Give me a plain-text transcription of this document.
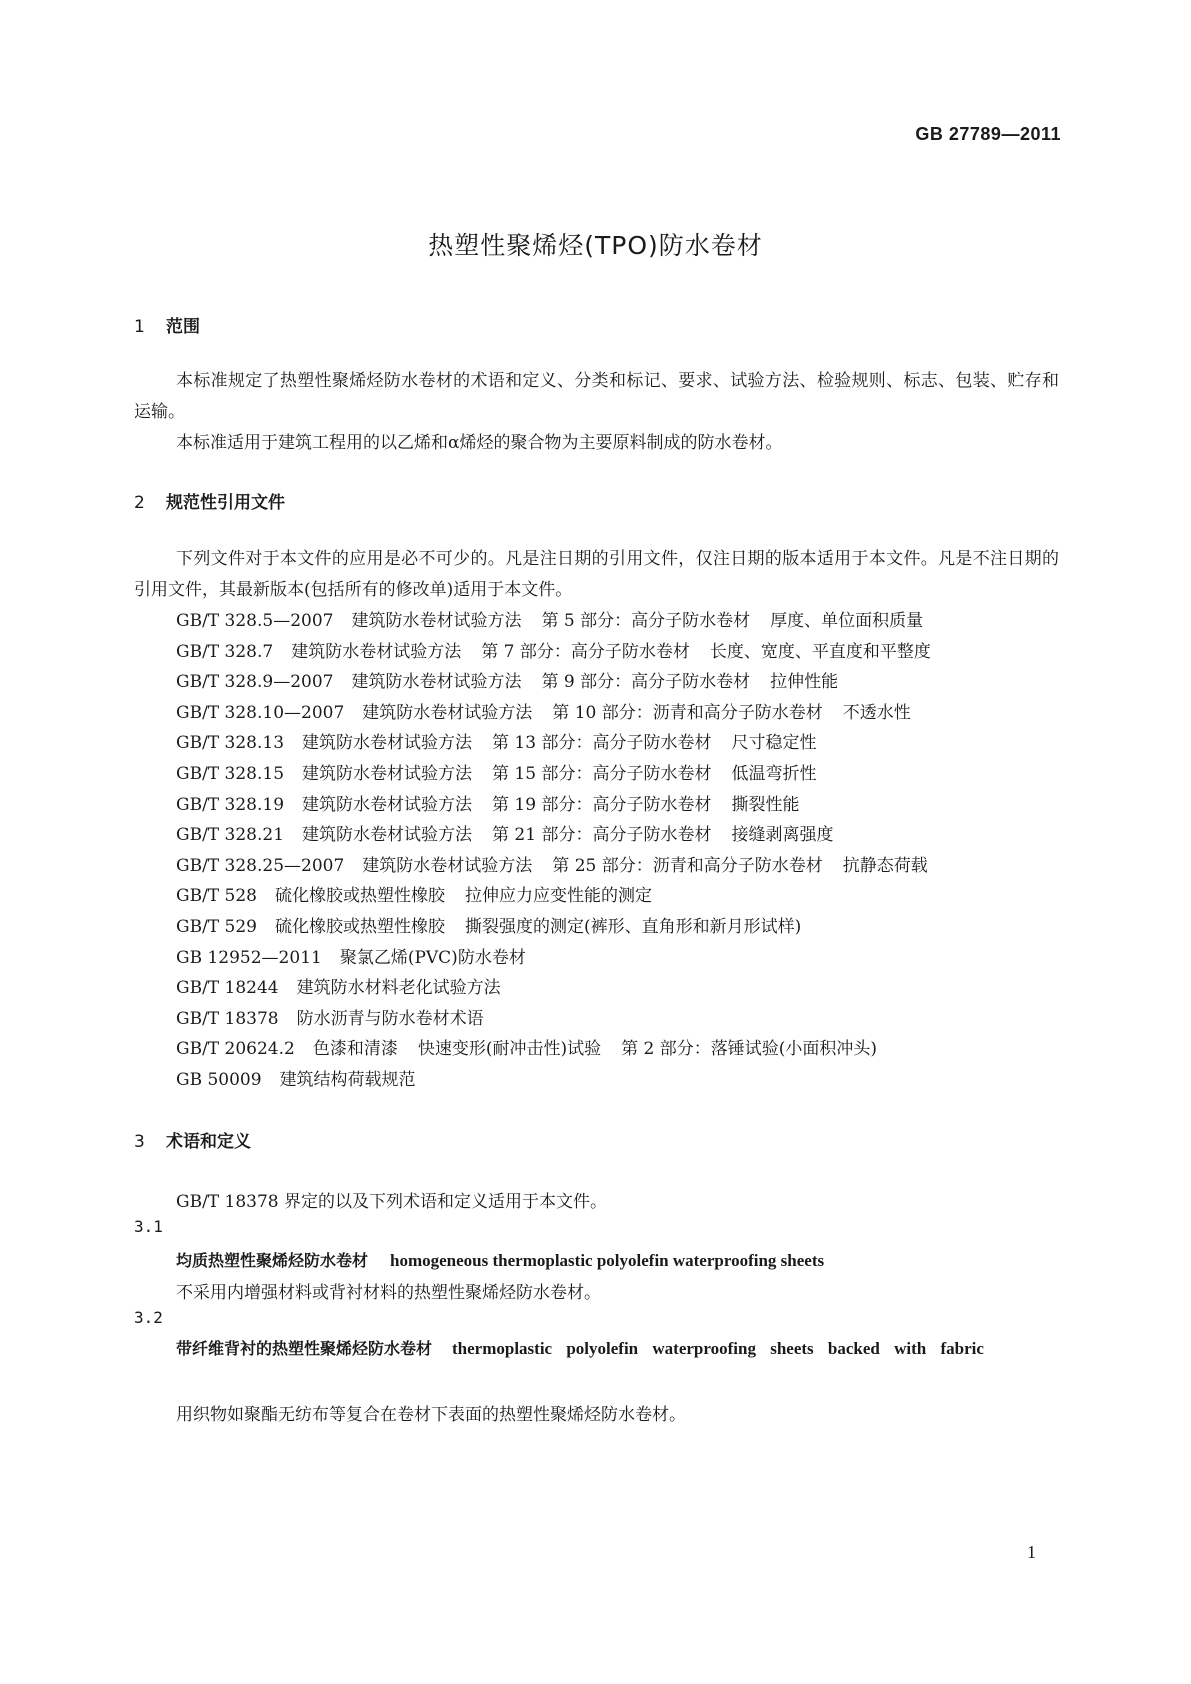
GB 27789—2011
热塑性聚烯烃(TPO)防水卷材
1 范围
本标准规定了热塑性聚烯烃防水卷材的术语和定义、分类和标记、要求、试验方法、检验规则、标志、包装、贮存和运输。
本标准适用于建筑工程用的以乙烯和α烯烃的聚合物为主要原料制成的防水卷材。
2 规范性引用文件
下列文件对于本文件的应用是必不可少的。凡是注日期的引用文件，仅注日期的版本适用于本文件。凡是不注日期的引用文件，其最新版本(包括所有的修改单)适用于本文件。
GB/T 328.5—2007 建筑防水卷材试验方法 第 5 部分：高分子防水卷材 厚度、单位面积质量
GB/T 328.7 建筑防水卷材试验方法 第 7 部分：高分子防水卷材 长度、宽度、平直度和平整度
GB/T 328.9—2007 建筑防水卷材试验方法 第 9 部分：高分子防水卷材 拉伸性能
GB/T 328.10—2007 建筑防水卷材试验方法 第 10 部分：沥青和高分子防水卷材 不透水性
GB/T 328.13 建筑防水卷材试验方法 第 13 部分：高分子防水卷材 尺寸稳定性
GB/T 328.15 建筑防水卷材试验方法 第 15 部分：高分子防水卷材 低温弯折性
GB/T 328.19 建筑防水卷材试验方法 第 19 部分：高分子防水卷材 撕裂性能
GB/T 328.21 建筑防水卷材试验方法 第 21 部分：高分子防水卷材 接缝剥离强度
GB/T 328.25—2007 建筑防水卷材试验方法 第 25 部分：沥青和高分子防水卷材 抗静态荷载
GB/T 528 硫化橡胶或热塑性橡胶 拉伸应力应变性能的测定
GB/T 529 硫化橡胶或热塑性橡胶 撕裂强度的测定(裤形、直角形和新月形试样)
GB 12952—2011 聚氯乙烯(PVC)防水卷材
GB/T 18244 建筑防水材料老化试验方法
GB/T 18378 防水沥青与防水卷材术语
GB/T 20624.2 色漆和清漆 快速变形(耐冲击性)试验 第 2 部分：落锤试验(小面积冲头)
GB 50009 建筑结构荷载规范
3 术语和定义
GB/T 18378 界定的以及下列术语和定义适用于本文件。
3.1
均质热塑性聚烯烃防水卷材 homogeneous thermoplastic polyolefin waterproofing sheets
不采用内增强材料或背衬材料的热塑性聚烯烃防水卷材。
3.2
带纤维背衬的热塑性聚烯烃防水卷材 thermoplastic polyolefin waterproofing sheets backed with fabric
用织物如聚酯无纺布等复合在卷材下表面的热塑性聚烯烃防水卷材。
1
